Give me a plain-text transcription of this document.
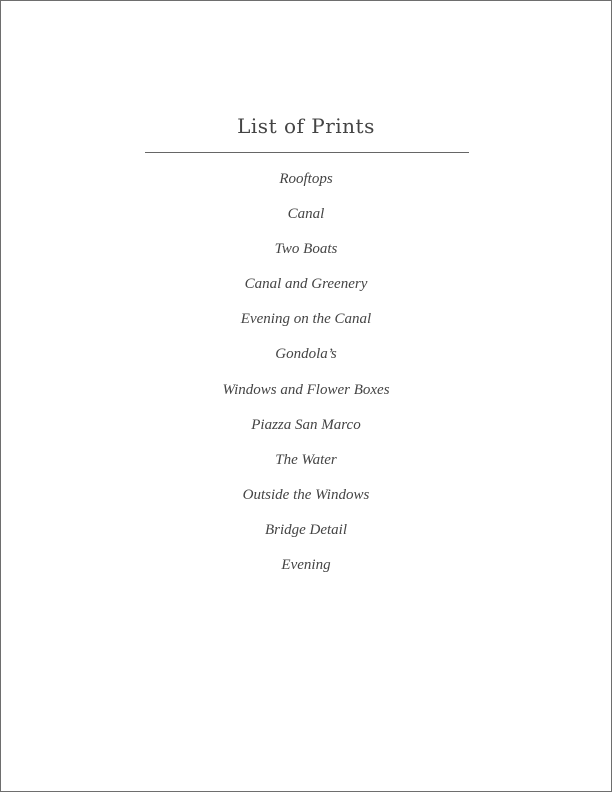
List of Prints
Rooftops
Canal
Two Boats
Canal and Greenery
Evening on the Canal
Gondola’s
Windows and Flower Boxes
Piazza San Marco
The Water
Outside the Windows
Bridge Detail
Evening
